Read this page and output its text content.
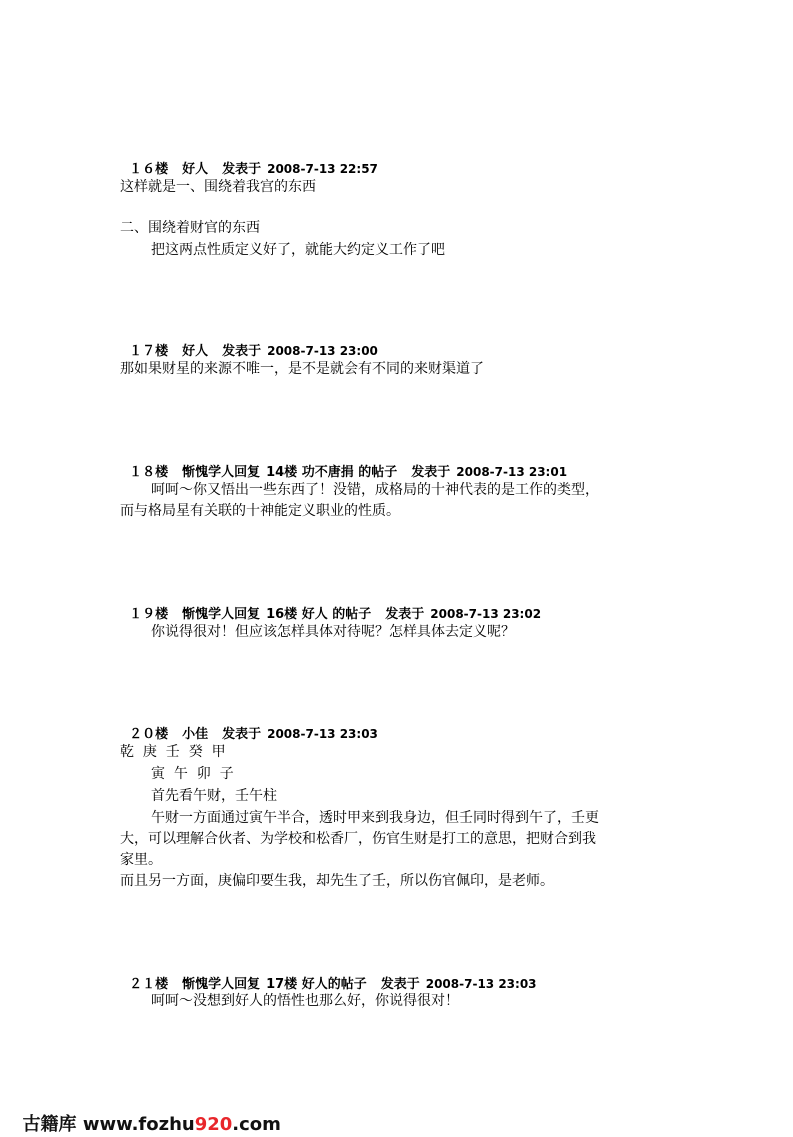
１６楼 好人 发表于 2008-7-13 22:57

这样就是一、围绕着我宫的东西
二、围绕着财官的东西
把这两点性质定义好了，就能大约定义工作了吧

１７楼 好人 发表于 2008-7-13 23:00

那如果财星的来源不唯一，是不是就会有不同的来财渠道了

１８楼 惭愧学人回复 14楼 功不唐捐 的帖子 发表于 2008-7-13 23:01

呵呵～你又悟出一些东西了！没错，成格局的十神代表的是工作的类型，
而与格局星有关联的十神能定义职业的性质。

１９楼 惭愧学人回复 16楼 好人 的帖子 发表于 2008-7-13 23:02

你说得很对！但应该怎样具体对待呢？怎样具体去定义呢？

２０楼 小佳 发表于 2008-7-13 23:03

乾  庚  壬  癸  甲
寅  午  卯  子
首先看午财，壬午柱
午财一方面通过寅午半合，透时甲来到我身边，但壬同时得到午了，壬更
大，可以理解合伙者、为学校和松香厂，伤官生财是打工的意思，把财合到我
家里。
而且另一方面，庚偏印要生我，却先生了壬，所以伤官佩印，是老师。

２１楼 惭愧学人回复 17楼 好人的帖子 发表于 2008-7-13 23:03

呵呵～没想到好人的悟性也那么好，你说得很对！

古籍库 www.fozhu920.com
